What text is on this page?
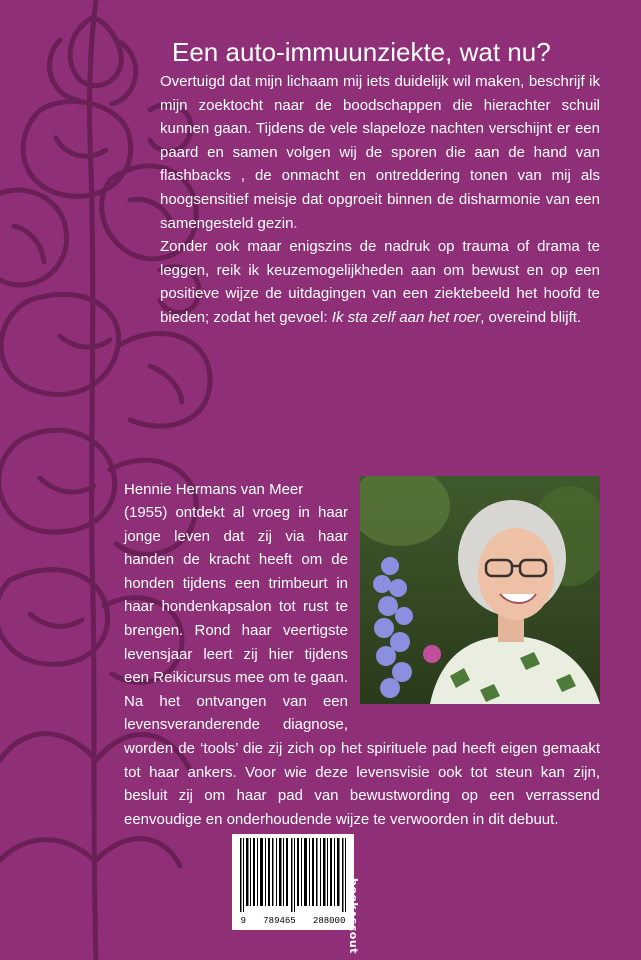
Een auto-immuunziekte, wat nu?

Overtuigd dat mijn lichaam mij iets duidelijk wil maken, beschrijf ik mijn zoektocht naar de boodschappen die hierachter schuil kunnen gaan. Tijdens de vele slapeloze nachten verschijnt er een paard en samen volgen wij de sporen die aan de hand van flashbacks , de onmacht en ontreddering tonen van mij als hoogsensitief meisje dat opgroeit binnen de disharmonie van een samengesteld gezin.

Zonder ook maar enigszins de nadruk op trauma of drama te leggen, reik ik keuzemogelijkheden aan om bewust en op een positieve wijze de uitdagingen van een ziektebeeld het hoofd te bieden; zodat het gevoel: Ik sta zelf aan het roer, overeind blijft.

Hennie Hermans van Meer
(1955) ontdekt al vroeg in haar jonge leven dat zij via haar handen de kracht heeft om de honden tijdens een trimbeurt in haar hondenkapsalon tot rust te brengen. Rond haar veertigste levensjaar leert zij hier tijdens een Reikicursus mee om te gaan. Na het ontvangen van een levensveranderende diagnose, worden de ‘tools’ die zij zich op het spirituele pad heeft eigen gemaakt tot haar ankers. Voor wie deze levensvisie ook tot steun kan zijn, besluit zij om haar pad van bewustwording op een verrassend eenvoudige en onderhoudende wijze te verwoorden in dit debuut.
9 789465 288000 boek•scout
